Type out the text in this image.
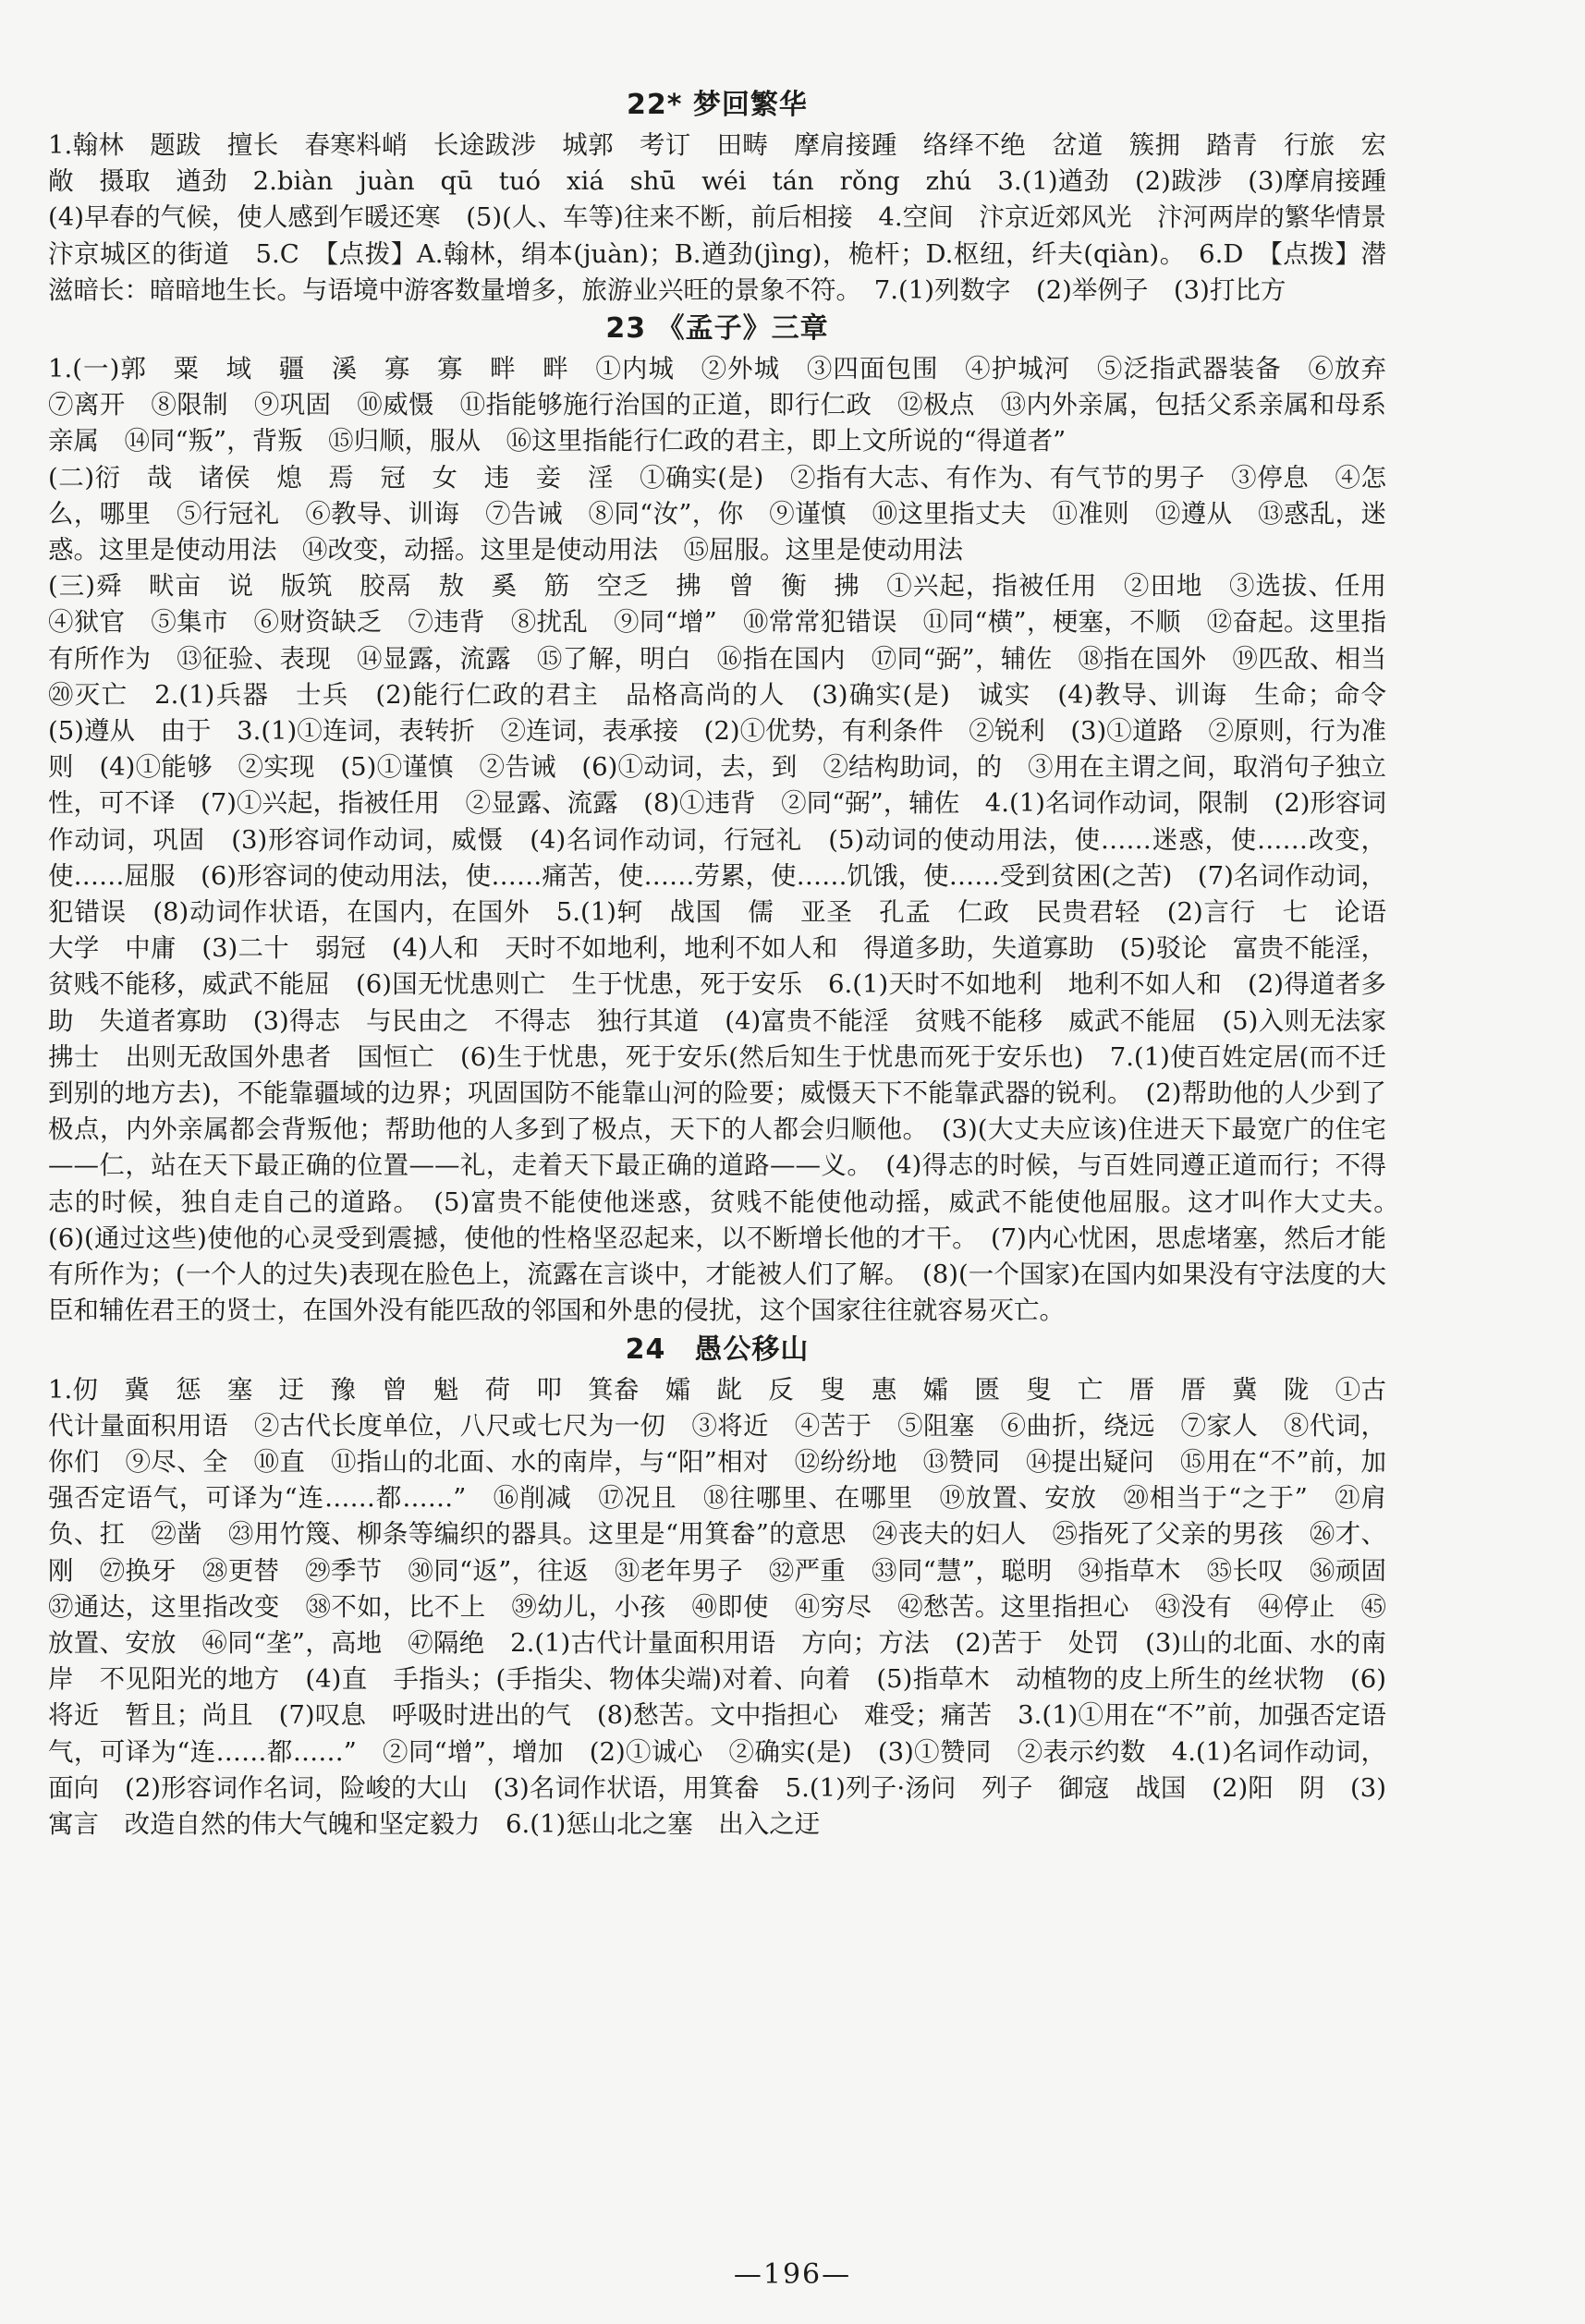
22* 梦回繁华

1.翰林　题跋　擅长　春寒料峭　长途跋涉　城郭　考订　田畴　摩肩接踵　络绎不绝　岔道　簇拥　踏青　行旅　宏敞　摄取　遒劲　2.biàn　juàn　qū　tuó　xiá　shū　wéi　tán　rǒng　zhú　3.(1)遒劲　(2)跋涉　(3)摩肩接踵　(4)早春的气候，使人感到乍暖还寒　(5)(人、车等)往来不断，前后相接　4.空间　汴京近郊风光　汴河两岸的繁华情景　汴京城区的街道　5.C　【点拨】A.翰林，绢本(juàn)；B.遒劲(jìng)，桅杆；D.枢纽，纤夫(qiàn)。　6.D　【点拨】潜滋暗长：暗暗地生长。与语境中游客数量增多，旅游业兴旺的景象不符。　7.(1)列数字　(2)举例子　(3)打比方

23 《孟子》三章

1.(一)郭　粟　域　疆　溪　寡　寡　畔　畔　①内城　②外城　③四面包围　④护城河　⑤泛指武器装备　⑥放弃　⑦离开　⑧限制　⑨巩固　⑩威慑　⑪指能够施行治国的正道，即行仁政　⑫极点　⑬内外亲属，包括父系亲属和母系亲属　⑭同“叛”，背叛　⑮归顺，服从　⑯这里指能行仁政的君主，即上文所说的“得道者”

(二)衍　哉　诸侯　熄　焉　冠　女　违　妾　淫　①确实(是)　②指有大志、有作为、有气节的男子　③停息　④怎么，哪里　⑤行冠礼　⑥教导、训诲　⑦告诫　⑧同“汝”，你　⑨谨慎　⑩这里指丈夫　⑪准则　⑫遵从　⑬惑乱，迷惑。这里是使动用法　⑭改变，动摇。这里是使动用法　⑮屈服。这里是使动用法

(三)舜　畎亩　说　版筑　胶鬲　敖　奚　筋　空乏　拂　曾　衡　拂　①兴起，指被任用　②田地　③选拔、任用　④狱官　⑤集市　⑥财资缺乏　⑦违背　⑧扰乱　⑨同“增”　⑩常常犯错误　⑪同“横”，梗塞，不顺　⑫奋起。这里指有所作为　⑬征验、表现　⑭显露，流露　⑮了解，明白　⑯指在国内　⑰同“弼”，辅佐　⑱指在国外　⑲匹敌、相当　⑳灭亡　2.(1)兵器　士兵　(2)能行仁政的君主　品格高尚的人　(3)确实(是)　诚实　(4)教导、训诲　生命；命令　(5)遵从　由于　3.(1)①连词，表转折　②连词，表承接　(2)①优势，有利条件　②锐利　(3)①道路　②原则，行为准则　(4)①能够　②实现　(5)①谨慎　②告诫　(6)①动词，去，到　②结构助词，的　③用在主谓之间，取消句子独立性，可不译　(7)①兴起，指被任用　②显露、流露　(8)①违背　②同“弼”，辅佐　4.(1)名词作动词，限制　(2)形容词作动词，巩固　(3)形容词作动词，威慑　(4)名词作动词，行冠礼　(5)动词的使动用法，使……迷惑，使……改变，使……屈服　(6)形容词的使动用法，使……痛苦，使……劳累，使……饥饿，使……受到贫困(之苦)　(7)名词作动词，犯错误　(8)动词作状语，在国内，在国外　5.(1)轲　战国　儒　亚圣　孔孟　仁政　民贵君轻　(2)言行　七　论语　大学　中庸　(3)二十　弱冠　(4)人和　天时不如地利，地利不如人和　得道多助，失道寡助　(5)驳论　富贵不能淫，贫贱不能移，威武不能屈　(6)国无忧患则亡　生于忧患，死于安乐　6.(1)天时不如地利　地利不如人和　(2)得道者多助　失道者寡助　(3)得志　与民由之　不得志　独行其道　(4)富贵不能淫　贫贱不能移　威武不能屈　(5)入则无法家拂士　出则无敌国外患者　国恒亡　(6)生于忧患，死于安乐(然后知生于忧患而死于安乐也)　7.(1)使百姓定居(而不迁到别的地方去)，不能靠疆域的边界；巩固国防不能靠山河的险要；威慑天下不能靠武器的锐利。　(2)帮助他的人少到了极点，内外亲属都会背叛他；帮助他的人多到了极点，天下的人都会归顺他。　(3)(大丈夫应该)住进天下最宽广的住宅——仁，站在天下最正确的位置——礼，走着天下最正确的道路——义。　(4)得志的时候，与百姓同遵正道而行；不得志的时候，独自走自己的道路。　(5)富贵不能使他迷惑，贫贱不能使他动摇，威武不能使他屈服。这才叫作大丈夫。　(6)(通过这些)使他的心灵受到震撼，使他的性格坚忍起来，以不断增长他的才干。　(7)内心忧困，思虑堵塞，然后才能有所作为；(一个人的过失)表现在脸色上，流露在言谈中，才能被人们了解。　(8)(一个国家)在国内如果没有守法度的大臣和辅佐君王的贤士，在国外没有能匹敌的邻国和外患的侵扰，这个国家往往就容易灭亡。

24　愚公移山

1.仞　冀　惩　塞　迂　豫　曾　魁　荷　叩　箕畚　孀　龀　反　叟　惠　孀　匮　叟　亡　厝　厝　冀　陇　①古代计量面积用语　②古代长度单位，八尺或七尺为一仞　③将近　④苦于　⑤阻塞　⑥曲折，绕远　⑦家人　⑧代词，你们　⑨尽、全　⑩直　⑪指山的北面、水的南岸，与“阳”相对　⑫纷纷地　⑬赞同　⑭提出疑问　⑮用在“不”前，加强否定语气，可译为“连……都……”　⑯削减　⑰况且　⑱往哪里、在哪里　⑲放置、安放　⑳相当于“之于”　㉑肩负、扛　㉒凿　㉓用竹篾、柳条等编织的器具。这里是“用箕畚”的意思　㉔丧夫的妇人　㉕指死了父亲的男孩　㉖才、刚　㉗换牙　㉘更替　㉙季节　㉚同“返”，往返　㉛老年男子　㉜严重　㉝同“慧”，聪明　㉞指草木　㉟长叹　㊱顽固　㊲通达，这里指改变　㊳不如，比不上　㊴幼儿，小孩　㊵即使　㊶穷尽　㊷愁苦。这里指担心　㊸没有　㊹停止　㊺放置、安放　㊻同“垄”，高地　㊼隔绝　2.(1)古代计量面积用语　方向；方法　(2)苦于　处罚　(3)山的北面、水的南岸　不见阳光的地方　(4)直　手指头；(手指尖、物体尖端)对着、向着　(5)指草木　动植物的皮上所生的丝状物　(6)将近　暂且；尚且　(7)叹息　呼吸时进出的气　(8)愁苦。文中指担心　难受；痛苦　3.(1)①用在“不”前，加强否定语气，可译为“连……都……”　②同“增”，增加　(2)①诚心　②确实(是)　(3)①赞同　②表示约数　4.(1)名词作动词，面向　(2)形容词作名词，险峻的大山　(3)名词作状语，用箕畚　5.(1)列子·汤问　列子　御寇　战国　(2)阳　阴　(3)寓言　改造自然的伟大气魄和坚定毅力　6.(1)惩山北之塞　出入之迂

—196—
